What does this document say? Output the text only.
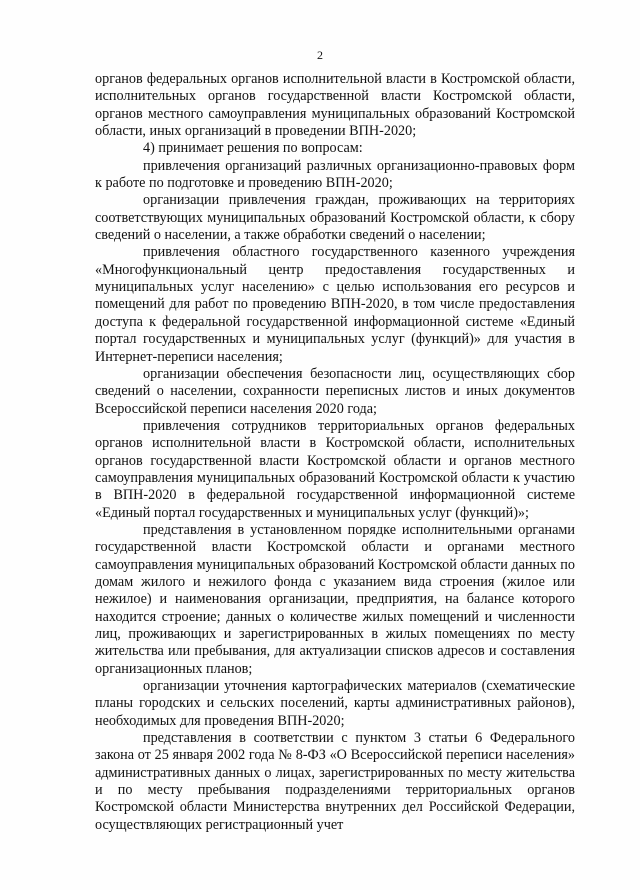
2

органов федеральных органов исполнительной власти в Костромской области, исполнительных органов государственной власти Костромской области, органов местного самоуправления муниципальных образований Костромской области, иных организаций в проведении ВПН-2020;

4) принимает решения по вопросам:

привлечения организаций различных организационно-правовых форм к работе по подготовке и проведению ВПН-2020;

организации привлечения граждан, проживающих на территориях соответствующих муниципальных образований Костромской области, к сбору сведений о населении, а также обработки сведений о населении;

привлечения областного государственного казенного учреждения «Многофункциональный центр предоставления государственных и муниципальных услуг населению» с целью использования его ресурсов и помещений для работ по проведению ВПН-2020, в том числе предоставления доступа к федеральной государственной информационной системе «Единый портал государственных и муниципальных услуг (функций)» для участия в Интернет-переписи населения;

организации обеспечения безопасности лиц, осуществляющих сбор сведений о населении, сохранности переписных листов и иных документов Всероссийской переписи населения 2020 года;

привлечения сотрудников территориальных органов федеральных органов исполнительной власти в Костромской области, исполнительных органов государственной власти Костромской области и органов местного самоуправления муниципальных образований Костромской области к участию в ВПН-2020 в федеральной государственной информационной системе «Единый портал государственных и муниципальных услуг (функций)»;

представления в установленном порядке исполнительными органами государственной власти Костромской области и органами местного самоуправления муниципальных образований Костромской области данных по домам жилого и нежилого фонда с указанием вида строения (жилое или нежилое) и наименования организации, предприятия, на балансе которого находится строение; данных о количестве жилых помещений и численности лиц, проживающих и зарегистрированных в жилых помещениях по месту жительства или пребывания, для актуализации списков адресов и составления организационных планов;

организации уточнения картографических материалов (схематические планы городских и сельских поселений, карты административных районов), необходимых для проведения ВПН-2020;

представления в соответствии с пунктом 3 статьи 6 Федерального закона от 25 января 2002 года № 8-ФЗ «О Всероссийской переписи населения» административных данных о лицах, зарегистрированных по месту жительства и по месту пребывания подразделениями территориальных органов Костромской области Министерства внутренних дел Российской Федерации, осуществляющих регистрационный учет
